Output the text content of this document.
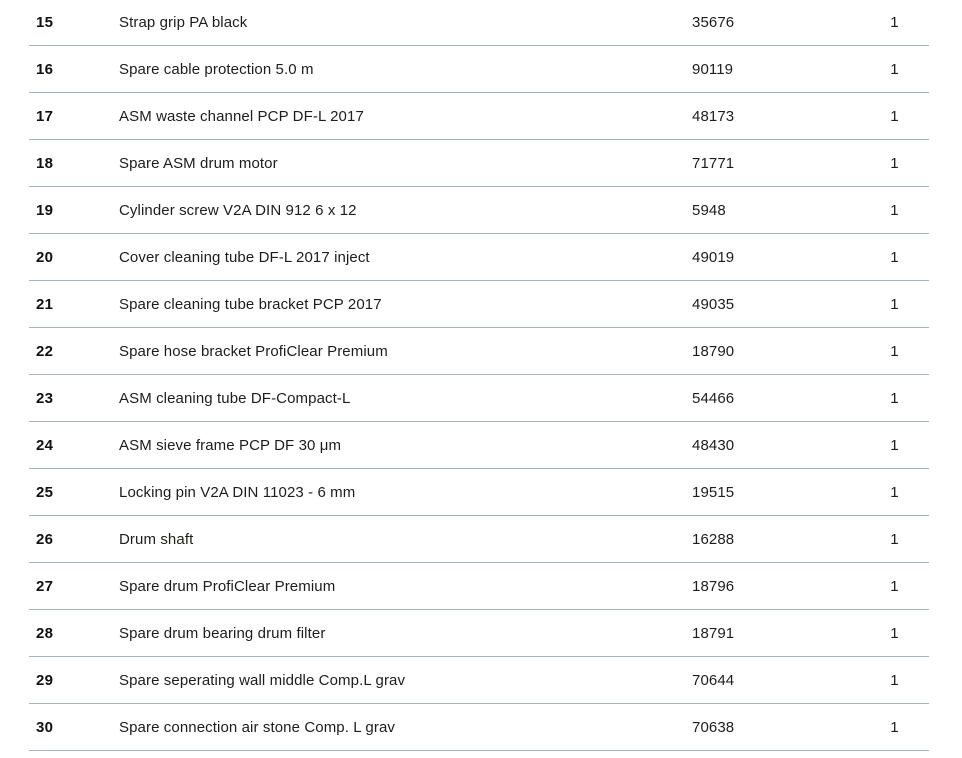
15	Strap grip PA black	35676	1
16	Spare cable protection 5.0 m	90119	1
17	ASM waste channel PCP DF-L 2017	48173	1
18	Spare ASM drum motor	71771	1
19	Cylinder screw V2A DIN 912 6 x 12	5948	1
20	Cover cleaning tube DF-L 2017 inject	49019	1
21	Spare cleaning tube bracket PCP 2017	49035	1
22	Spare hose bracket ProfiClear Premium	18790	1
23	ASM cleaning tube DF-Compact-L	54466	1
24	ASM sieve frame PCP DF 30 μm	48430	1
25	Locking pin V2A DIN 11023 - 6 mm	19515	1
26	Drum shaft	16288	1
27	Spare drum ProfiClear Premium	18796	1
28	Spare drum bearing drum filter	18791	1
29	Spare seperating wall middle Comp.L grav	70644	1
30	Spare connection air stone Comp. L grav	70638	1
